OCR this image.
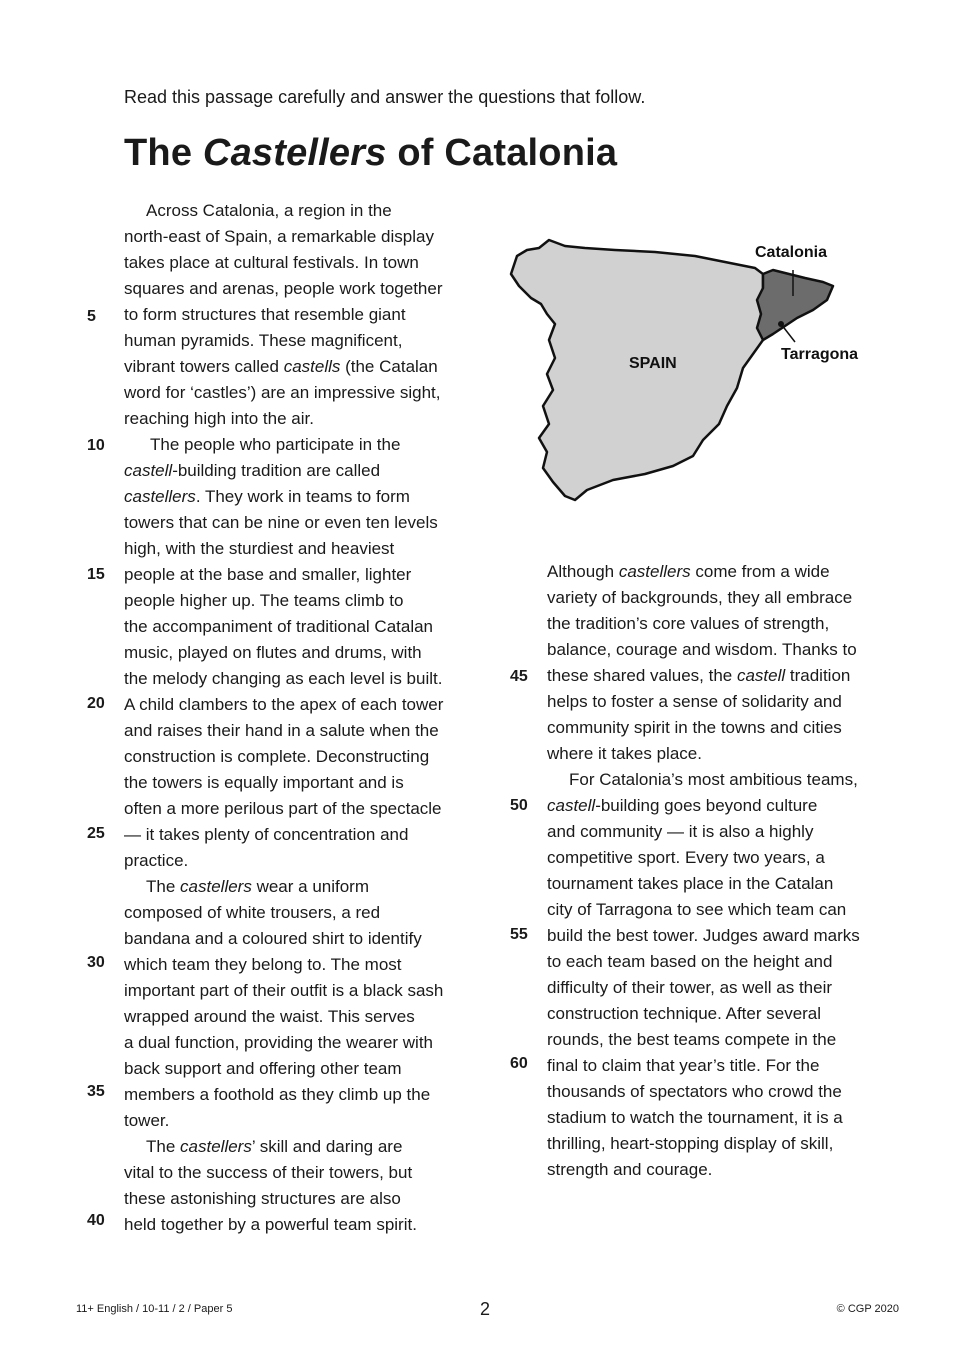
Read this passage carefully and answer the questions that follow.
The Castellers of Catalonia
Across Catalonia, a region in the
north-east of Spain, a remarkable display
takes place at cultural festivals. In town
squares and arenas, people work together
to form structures that resemble giant
human pyramids. These magnificent,
vibrant towers called castells (the Catalan
word for ‘castles’) are an impressive sight,
reaching high into the air.
The people who participate in the
castell-building tradition are called
castellers. They work in teams to form
towers that can be nine or even ten levels
high, with the sturdiest and heaviest
people at the base and smaller, lighter
people higher up. The teams climb to
the accompaniment of traditional Catalan
music, played on flutes and drums, with
the melody changing as each level is built.
A child clambers to the apex of each tower
and raises their hand in a salute when the
construction is complete. Deconstructing
the towers is equally important and is
often a more perilous part of the spectacle
— it takes plenty of concentration and
practice.
The castellers wear a uniform
composed of white trousers, a red
bandana and a coloured shirt to identify
which team they belong to. The most
important part of their outfit is a black sash
wrapped around the waist. This serves
a dual function, providing the wearer with
back support and offering other team
members a foothold as they climb up the
tower.
The castellers’ skill and daring are
vital to the success of their towers, but
these astonishing structures are also
held together by a powerful team spirit.
5
10
15
20
25
30
35
40
SPAIN
Catalonia
Tarragona
Although castellers come from a wide
variety of backgrounds, they all embrace
the tradition’s core values of strength,
balance, courage and wisdom. Thanks to
these shared values, the castell tradition
helps to foster a sense of solidarity and
community spirit in the towns and cities
where it takes place.
For Catalonia’s most ambitious teams,
castell-building goes beyond culture
and community — it is also a highly
competitive sport. Every two years, a
tournament takes place in the Catalan
city of Tarragona to see which team can
build the best tower. Judges award marks
to each team based on the height and
difficulty of their tower, as well as their
construction technique. After several
rounds, the best teams compete in the
final to claim that year’s title. For the
thousands of spectators who crowd the
stadium to watch the tournament, it is a
thrilling, heart-stopping display of skill,
strength and courage.
45
50
55
60
11+ English / 10-11 / 2 / Paper 5	2	© CGP 2020
